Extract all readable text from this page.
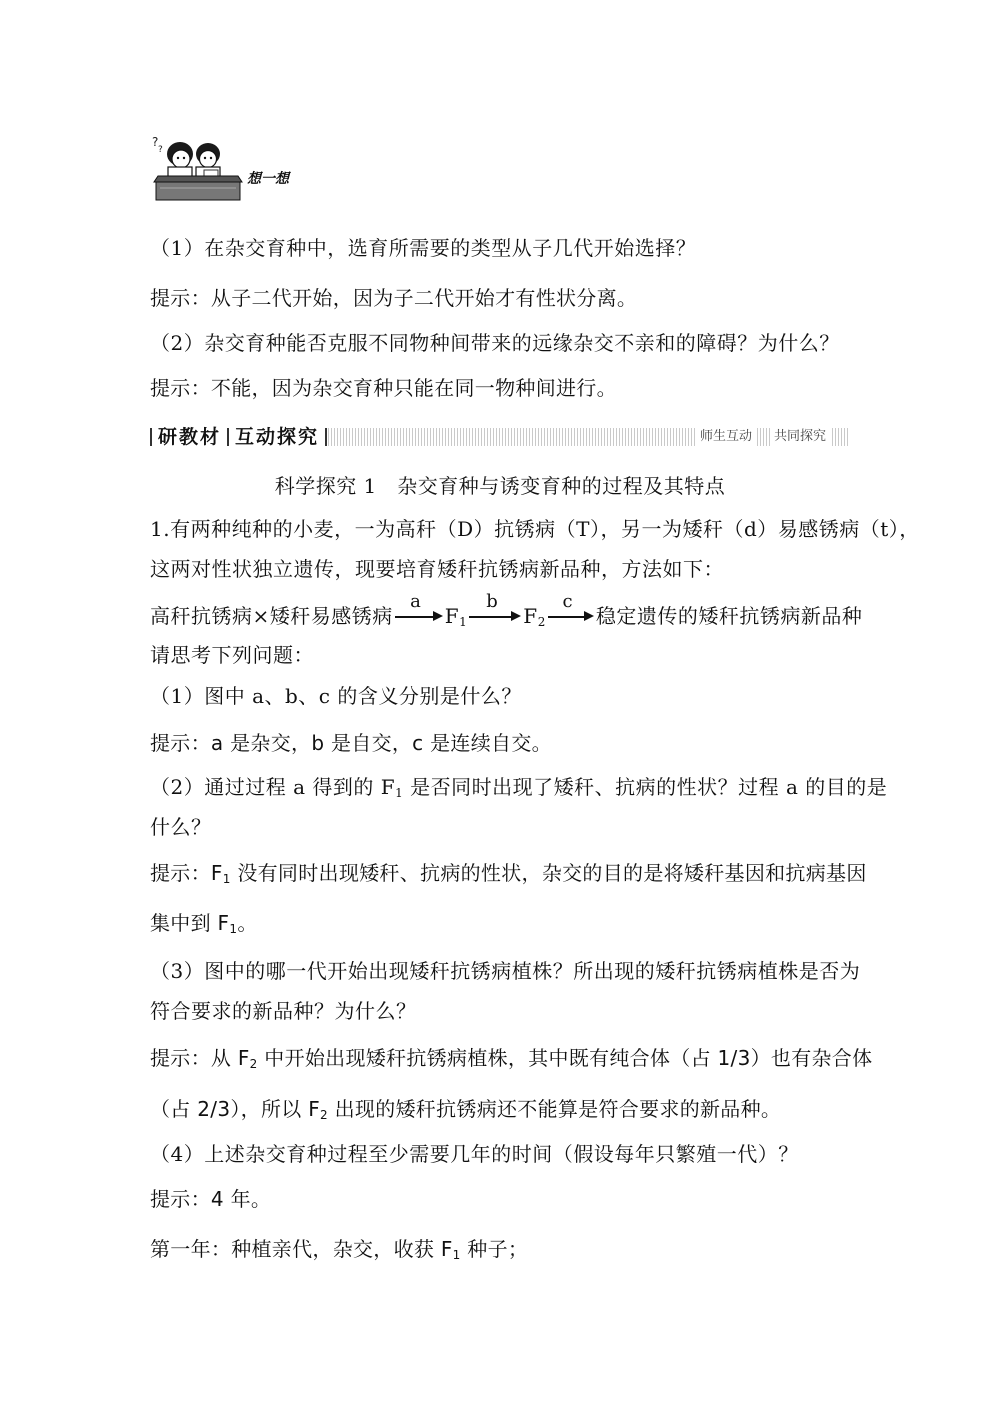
?
?
想一想
（1）在杂交育种中，选育所需要的类型从子几代开始选择？
提示：从子二代开始，因为子二代开始才有性状分离。
（2）杂交育种能否克服不同物种间带来的远缘杂交不亲和的障碍？为什么？
提示：不能，因为杂交育种只能在同一物种间进行。
研教材 互动探究	师生互动	共同探究
科学探究 1　杂交育种与诱变育种的过程及其特点
1.有两种纯种的小麦，一为高秆（D）抗锈病（T），另一为矮秆（d）易感锈病（t），
这两对性状独立遗传，现要培育矮秆抗锈病新品种，方法如下：
高秆抗锈病×矮秆易感锈病
a
$F_1$
b
$F_2$
c
稳定遗传的矮秆抗锈病新品种
请思考下列问题：
（1）图中 a、b、c 的含义分别是什么？
提示：a 是杂交，b 是自交，c 是连续自交。
（2）通过过程 a 得到的 $F_1$ 是否同时出现了矮秆、抗病的性状？过程 a 的目的是
什么？
提示：$F_1$ 没有同时出现矮秆、抗病的性状，杂交的目的是将矮秆基因和抗病基因
集中到 $F_1$。
（3）图中的哪一代开始出现矮秆抗锈病植株？所出现的矮秆抗锈病植株是否为
符合要求的新品种？为什么？
提示：从 $F_2$ 中开始出现矮秆抗锈病植株，其中既有纯合体（占 1/3）也有杂合体
（占 2/3），所以 $F_2$ 出现的矮秆抗锈病还不能算是符合要求的新品种。
（4）上述杂交育种过程至少需要几年的时间（假设每年只繁殖一代）？
提示：4 年。
第一年：种植亲代，杂交，收获 $F_1$ 种子；
